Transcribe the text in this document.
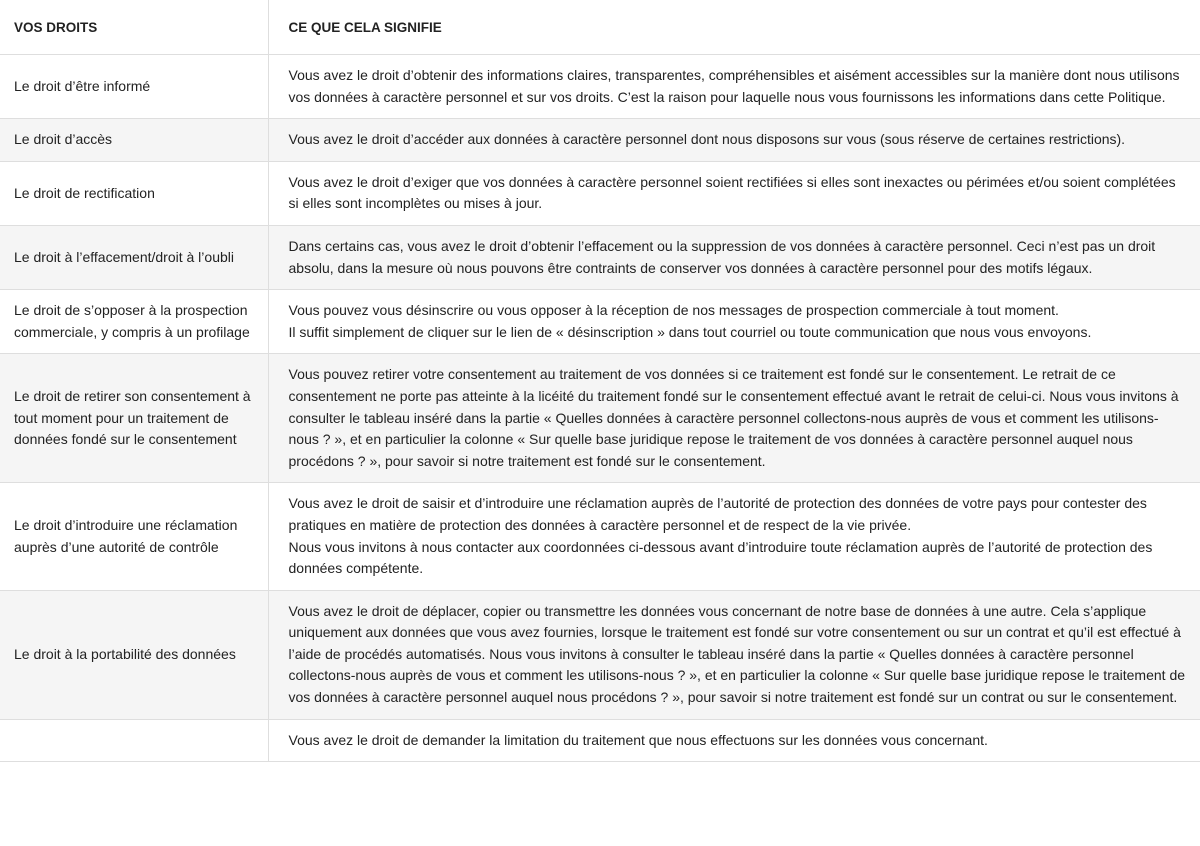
VOS DROITS	CE QUE CELA SIGNIFIE
Le droit d’être informé	Vous avez le droit d’obtenir des informations claires, transparentes, compréhensibles et aisément accessibles sur la manière dont nous utilisons vos données à caractère personnel et sur vos droits. C’est la raison pour laquelle nous vous fournissons les informations dans cette Politique.

Le droit d’accès	Vous avez le droit d’accéder aux données à caractère personnel dont nous disposons sur vous (sous réserve de certaines restrictions).

Le droit de rectification	Vous avez le droit d’exiger que vos données à caractère personnel soient rectifiées si elles sont inexactes ou périmées et/ou soient complétées si elles sont incomplètes ou mises à jour.

Le droit à l’effacement/droit à l’oubli	Dans certains cas, vous avez le droit d’obtenir l’effacement ou la suppression de vos données à caractère personnel. Ceci n’est pas un droit absolu, dans la mesure où nous pouvons être contraints de conserver vos données à caractère personnel pour des motifs légaux.

Le droit de s’opposer à la prospection commerciale, y compris à un profilage	Vous pouvez vous désinscrire ou vous opposer à la réception de nos messages de prospection commerciale à tout moment.
Il suffit simplement de cliquer sur le lien de « désinscription » dans tout courriel ou toute communication que nous vous envoyons.

Le droit de retirer son consentement à tout moment pour un traitement de données fondé sur le consentement	Vous pouvez retirer votre consentement au traitement de vos données si ce traitement est fondé sur le consentement. Le retrait de ce consentement ne porte pas atteinte à la licéité du traitement fondé sur le consentement effectué avant le retrait de celui-ci. Nous vous invitons à consulter le tableau inséré dans la partie « Quelles données à caractère personnel collectons-nous auprès de vous et comment les utilisons-nous ? », et en particulier la colonne « Sur quelle base juridique repose le traitement de vos données à caractère personnel auquel nous procédons ? », pour savoir si notre traitement est fondé sur le consentement.

Le droit d’introduire une réclamation auprès d’une autorité de contrôle	Vous avez le droit de saisir et d’introduire une réclamation auprès de l’autorité de protection des données de votre pays pour contester des pratiques en matière de protection des données à caractère personnel et de respect de la vie privée.
Nous vous invitons à nous contacter aux coordonnées ci-dessous avant d’introduire toute réclamation auprès de l’autorité de protection des données compétente.

Le droit à la portabilité des données	Vous avez le droit de déplacer, copier ou transmettre les données vous concernant de notre base de données à une autre. Cela s’applique uniquement aux données que vous avez fournies, lorsque le traitement est fondé sur votre consentement ou sur un contrat et qu’il est effectué à l’aide de procédés automatisés. Nous vous invitons à consulter le tableau inséré dans la partie « Quelles données à caractère personnel collectons-nous auprès de vous et comment les utilisons-nous ? », et en particulier la colonne « Sur quelle base juridique repose le traitement de vos données à caractère personnel auquel nous procédons ? », pour savoir si notre traitement est fondé sur un contrat ou sur le consentement.

	Vous avez le droit de demander la limitation du traitement que nous effectuons sur les données vous concernant.
